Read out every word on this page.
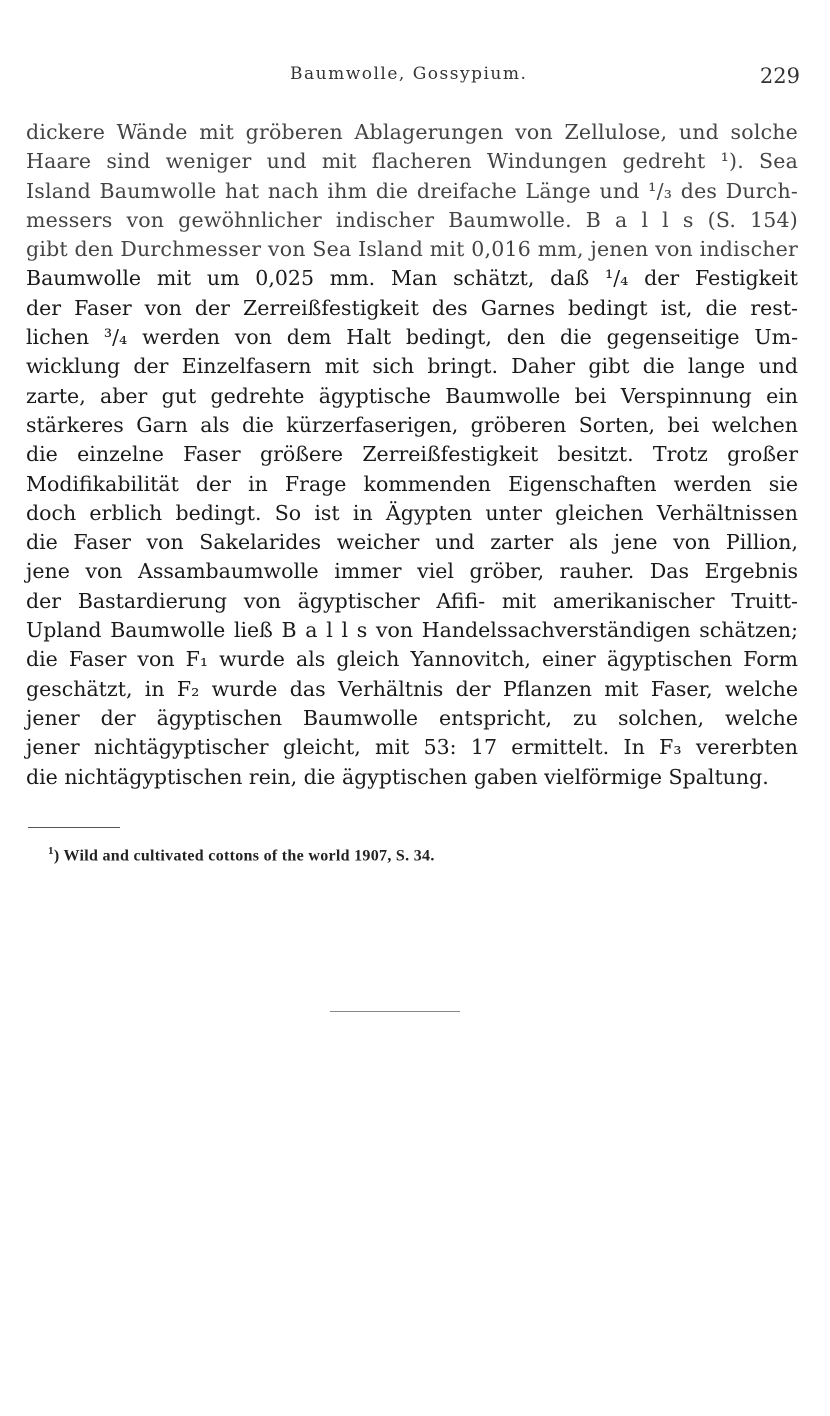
Baumwolle, Gossypium.	229
dickere Wände mit gröberen Ablagerungen von Zellulose, und solche
Haare sind weniger und mit flacheren Windungen gedreht ¹). Sea
Island Baumwolle hat nach ihm die dreifache Länge und ¹/₃ des Durch-
messers von gewöhnlicher indischer Baumwolle. B a l l s (S. 154)
gibt den Durchmesser von Sea Island mit 0,016 mm, jenen von indischer
Baumwolle mit um 0,025 mm. Man schätzt, daß ¹/₄ der Festigkeit
der Faser von der Zerreißfestigkeit des Garnes bedingt ist, die rest-
lichen ³/₄ werden von dem Halt bedingt, den die gegenseitige Um-
wicklung der Einzelfasern mit sich bringt. Daher gibt die lange und
zarte, aber gut gedrehte ägyptische Baumwolle bei Verspinnung ein
stärkeres Garn als die kürzerfaserigen, gröberen Sorten, bei welchen
die einzelne Faser größere Zerreißfestigkeit besitzt. Trotz großer
Modifikabilität der in Frage kommenden Eigenschaften werden sie
doch erblich bedingt. So ist in Ägypten unter gleichen Verhältnissen
die Faser von Sakelarides weicher und zarter als jene von Pillion,
jene von Assambaumwolle immer viel gröber, rauher. Das Ergebnis
der Bastardierung von ägyptischer Afifi- mit amerikanischer Truitt-
Upland Baumwolle ließ B a l l s von Handelssachverständigen schätzen;
die Faser von F₁ wurde als gleich Yannovitch, einer ägyptischen Form
geschätzt, in F₂ wurde das Verhältnis der Pflanzen mit Faser, welche
jener der ägyptischen Baumwolle entspricht, zu solchen, welche
jener nichtägyptischer gleicht, mit 53: 17 ermittelt. In F₃ vererbten
die nichtägyptischen rein, die ägyptischen gaben vielförmige Spaltung.
$^1$) Wild and cultivated cottons of the world 1907, S. 34.
